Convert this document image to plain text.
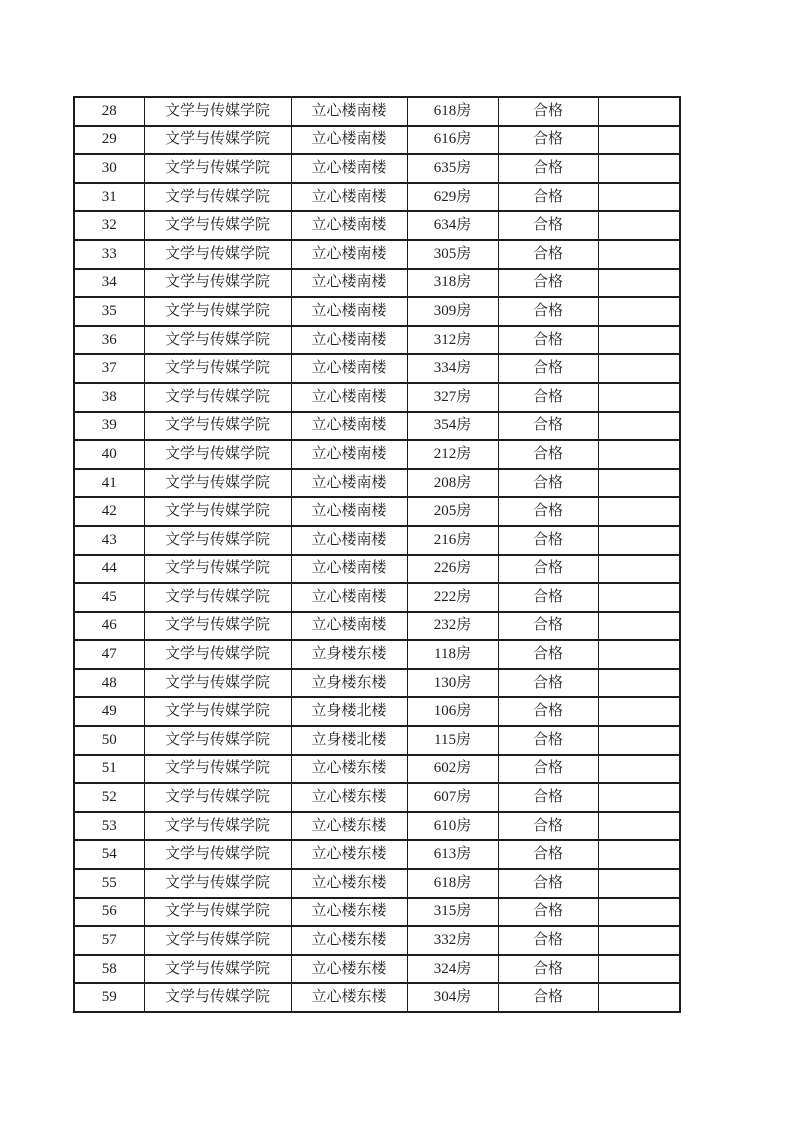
28	文学与传媒学院	立心楼南楼	618房	合格	
29	文学与传媒学院	立心楼南楼	616房	合格	
30	文学与传媒学院	立心楼南楼	635房	合格	
31	文学与传媒学院	立心楼南楼	629房	合格	
32	文学与传媒学院	立心楼南楼	634房	合格	
33	文学与传媒学院	立心楼南楼	305房	合格	
34	文学与传媒学院	立心楼南楼	318房	合格	
35	文学与传媒学院	立心楼南楼	309房	合格	
36	文学与传媒学院	立心楼南楼	312房	合格	
37	文学与传媒学院	立心楼南楼	334房	合格	
38	文学与传媒学院	立心楼南楼	327房	合格	
39	文学与传媒学院	立心楼南楼	354房	合格	
40	文学与传媒学院	立心楼南楼	212房	合格	
41	文学与传媒学院	立心楼南楼	208房	合格	
42	文学与传媒学院	立心楼南楼	205房	合格	
43	文学与传媒学院	立心楼南楼	216房	合格	
44	文学与传媒学院	立心楼南楼	226房	合格	
45	文学与传媒学院	立心楼南楼	222房	合格	
46	文学与传媒学院	立心楼南楼	232房	合格	
47	文学与传媒学院	立身楼东楼	118房	合格	
48	文学与传媒学院	立身楼东楼	130房	合格	
49	文学与传媒学院	立身楼北楼	106房	合格	
50	文学与传媒学院	立身楼北楼	115房	合格	
51	文学与传媒学院	立心楼东楼	602房	合格	
52	文学与传媒学院	立心楼东楼	607房	合格	
53	文学与传媒学院	立心楼东楼	610房	合格	
54	文学与传媒学院	立心楼东楼	613房	合格	
55	文学与传媒学院	立心楼东楼	618房	合格	
56	文学与传媒学院	立心楼东楼	315房	合格	
57	文学与传媒学院	立心楼东楼	332房	合格	
58	文学与传媒学院	立心楼东楼	324房	合格	
59	文学与传媒学院	立心楼东楼	304房	合格	
